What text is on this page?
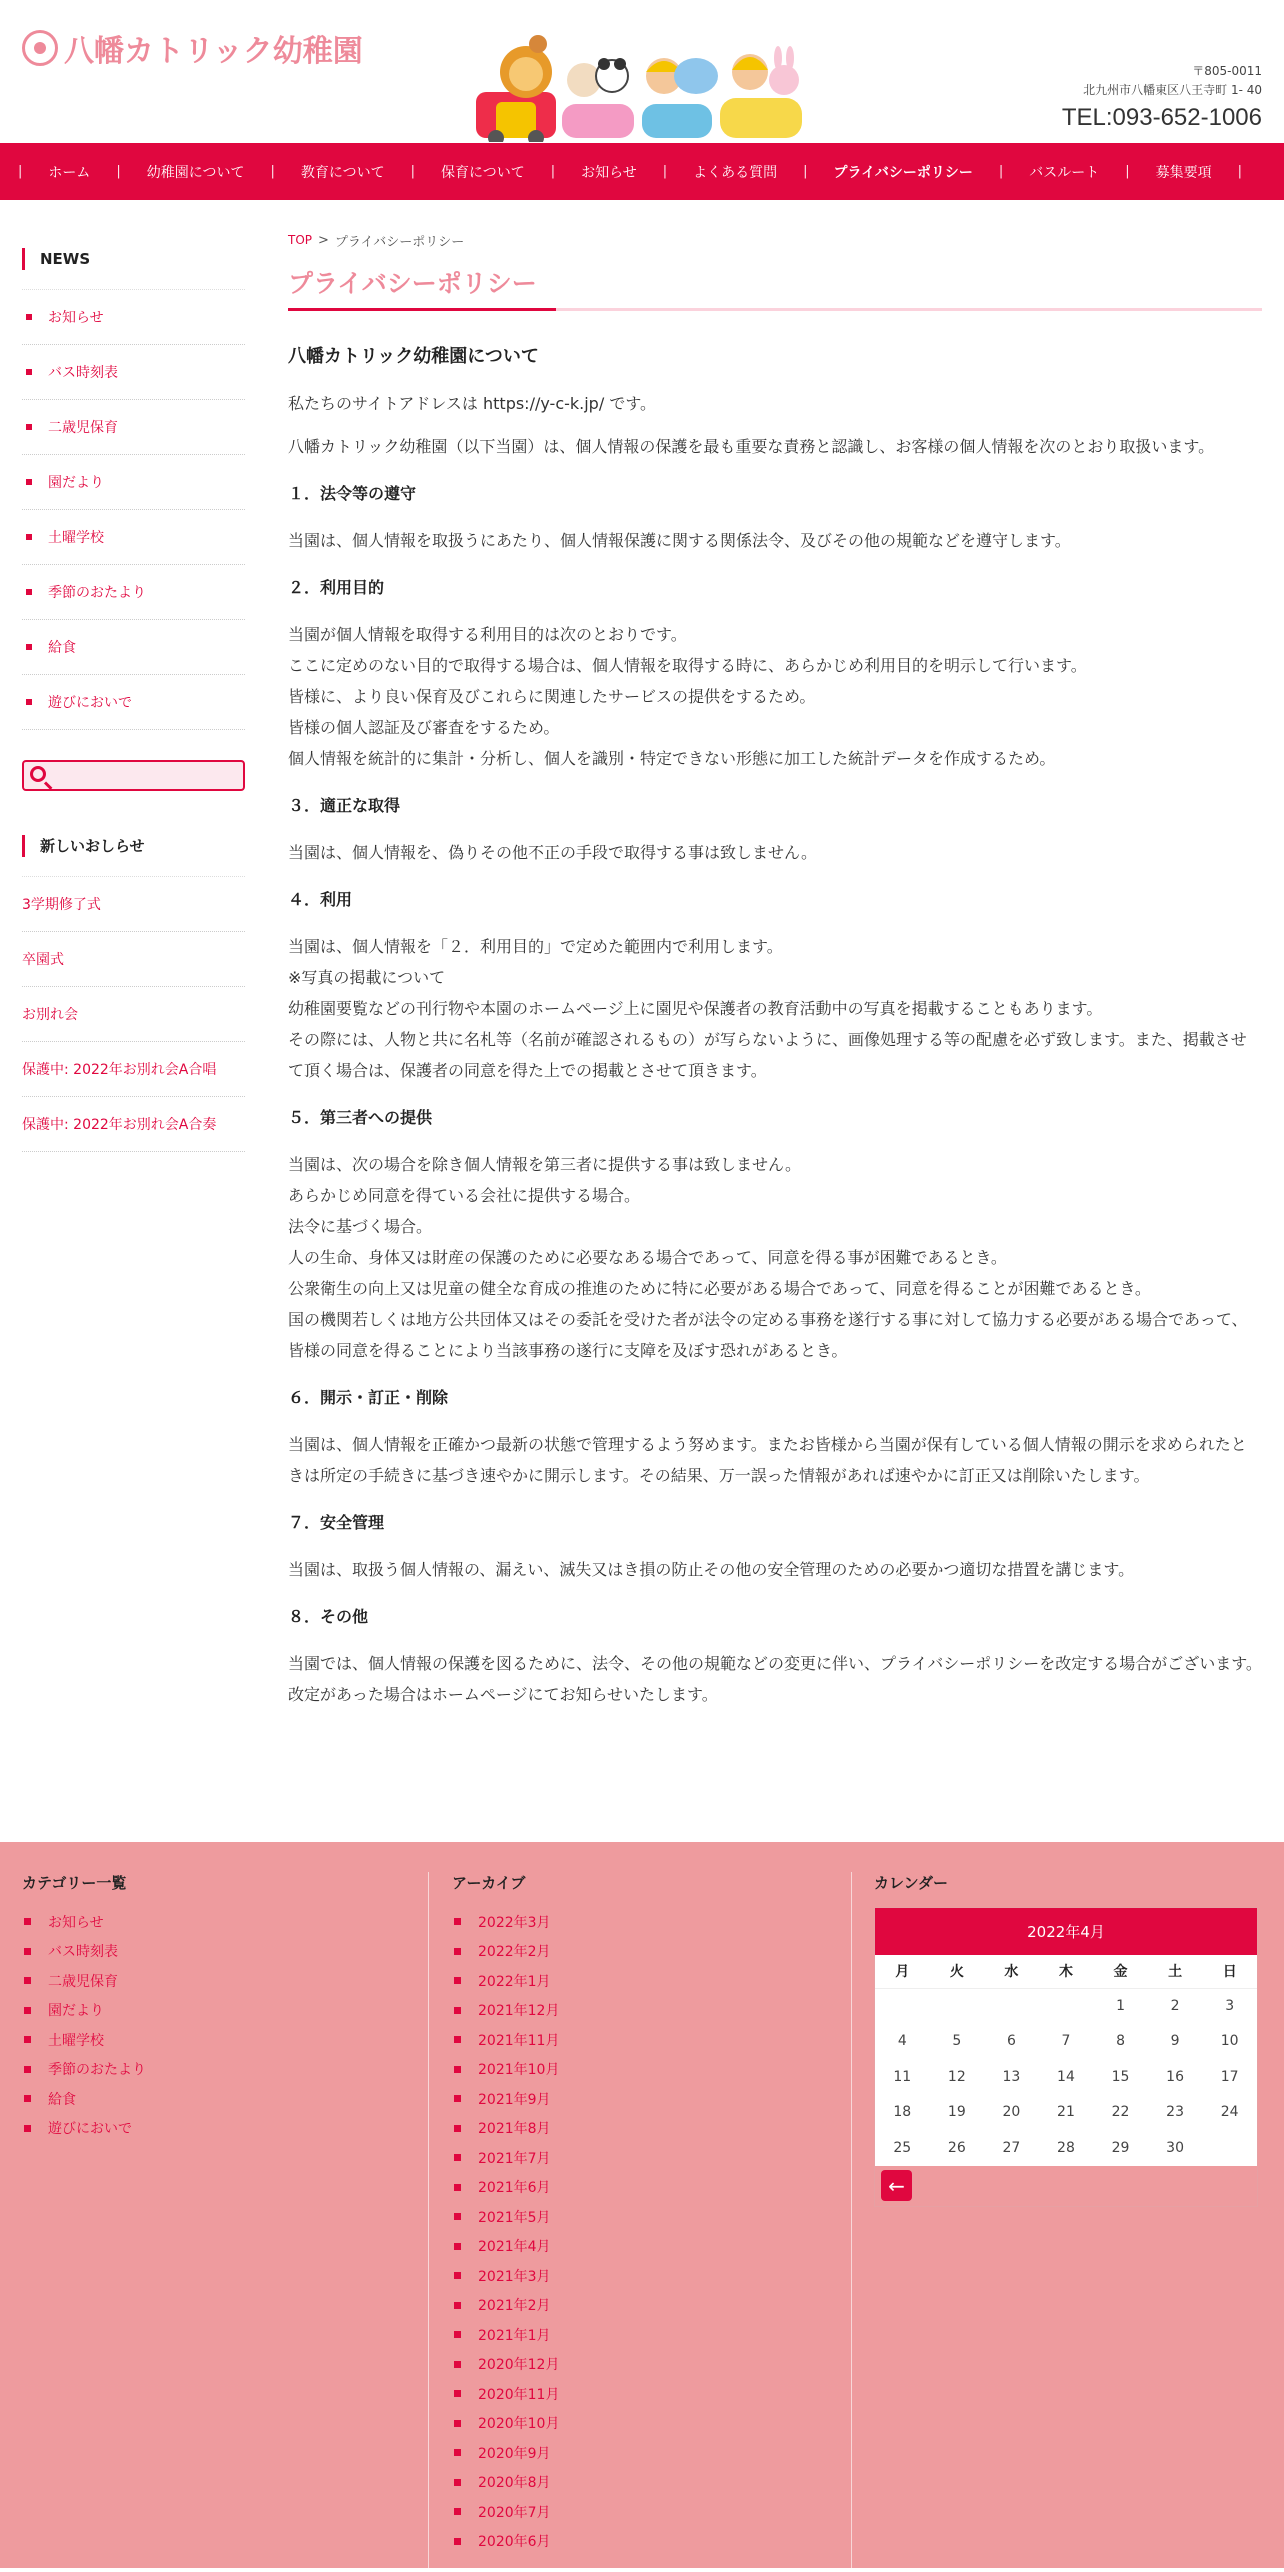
八幡カトリック幼稚園
〒805-0011
北九州市八幡東区八王寺町 1- 40
TEL:093-652-1006
|	ホーム	|	幼稚園について	|	教育について	|	保育について	|	お知らせ	|	よくある質問	|	プライバシーポリシー	|	バスルート	|	募集要項	|
NEWS
お知らせ
バス時刻表
二歳児保育
園だより
土曜学校
季節のおたより
給食
遊びにおいで
新しいおしらせ
3学期修了式
卒園式
お別れ会
保護中: 2022年お別れ会A合唱
保護中: 2022年お別れ会A合奏
TOP > プライバシーポリシー
プライバシーポリシー
八幡カトリック幼稚園について

私たちのサイトアドレスは https://y-c-k.jp/ です。

八幡カトリック幼稚園（以下当園）は、個人情報の保護を最も重要な責務と認識し、お客様の個人情報を次のとおり取扱います。

１．法令等の遵守

当園は、個人情報を取扱うにあたり、個人情報保護に関する関係法令、及びその他の規範などを遵守します。

２．利用目的

当園が個人情報を取得する利用目的は次のとおりです。
ここに定めのない目的で取得する場合は、個人情報を取得する時に、あらかじめ利用目的を明示して行います。
皆様に、より良い保育及びこれらに関連したサービスの提供をするため。
皆様の個人認証及び審査をするため。
個人情報を統計的に集計・分析し、個人を識別・特定できない形態に加工した統計データを作成するため。

３．適正な取得

当園は、個人情報を、偽りその他不正の手段で取得する事は致しません。

４．利用

当園は、個人情報を「２．利用目的」で定めた範囲内で利用します。
※写真の掲載について
幼稚園要覧などの刊行物や本園のホームページ上に園児や保護者の教育活動中の写真を掲載することもあります。
その際には、人物と共に名札等（名前が確認されるもの）が写らないように、画像処理する等の配慮を必ず致します。また、掲載させて頂く場合は、保護者の同意を得た上での掲載とさせて頂きます。

５．第三者への提供

当園は、次の場合を除き個人情報を第三者に提供する事は致しません。
あらかじめ同意を得ている会社に提供する場合。
法令に基づく場合。
人の生命、身体又は財産の保護のために必要なある場合であって、同意を得る事が困難であるとき。
公衆衛生の向上又は児童の健全な育成の推進のために特に必要がある場合であって、同意を得ることが困難であるとき。
国の機関若しくは地方公共団体又はその委託を受けた者が法令の定める事務を遂行する事に対して協力する必要がある場合であって、皆様の同意を得ることにより当該事務の遂行に支障を及ぼす恐れがあるとき。

６．開示・訂正・削除

当園は、個人情報を正確かつ最新の状態で管理するよう努めます。またお皆様から当園が保有している個人情報の開示を求められたときは所定の手続きに基づき速やかに開示します。その結果、万一誤った情報があれば速やかに訂正又は削除いたします。

７．安全管理

当園は、取扱う個人情報の、漏えい、滅失又はき損の防止その他の安全管理のための必要かつ適切な措置を講じます。

８．その他

当園では、個人情報の保護を図るために、法令、その他の規範などの変更に伴い、プライバシーポリシーを改定する場合がございます。改定があった場合はホームページにてお知らせいたします。

カテゴリー一覧
お知らせ
バス時刻表
二歳児保育
園だより
土曜学校
季節のおたより
給食
遊びにおいで
アーカイブ
2022年3月
2022年2月
2022年1月
2021年12月
2021年11月
2021年10月
2021年9月
2021年8月
2021年7月
2021年6月
2021年5月
2021年4月
2021年3月
2021年2月
2021年1月
2020年12月
2020年11月
2020年10月
2020年9月
2020年8月
2020年7月
2020年6月
カレンダー
2022年4月
月	火	水	木	金	土	日
				1	2	3
4	5	6	7	8	9	10
11	12	13	14	15	16	17
18	19	20	21	22	23	24
25	26	27	28	29	30	
←
